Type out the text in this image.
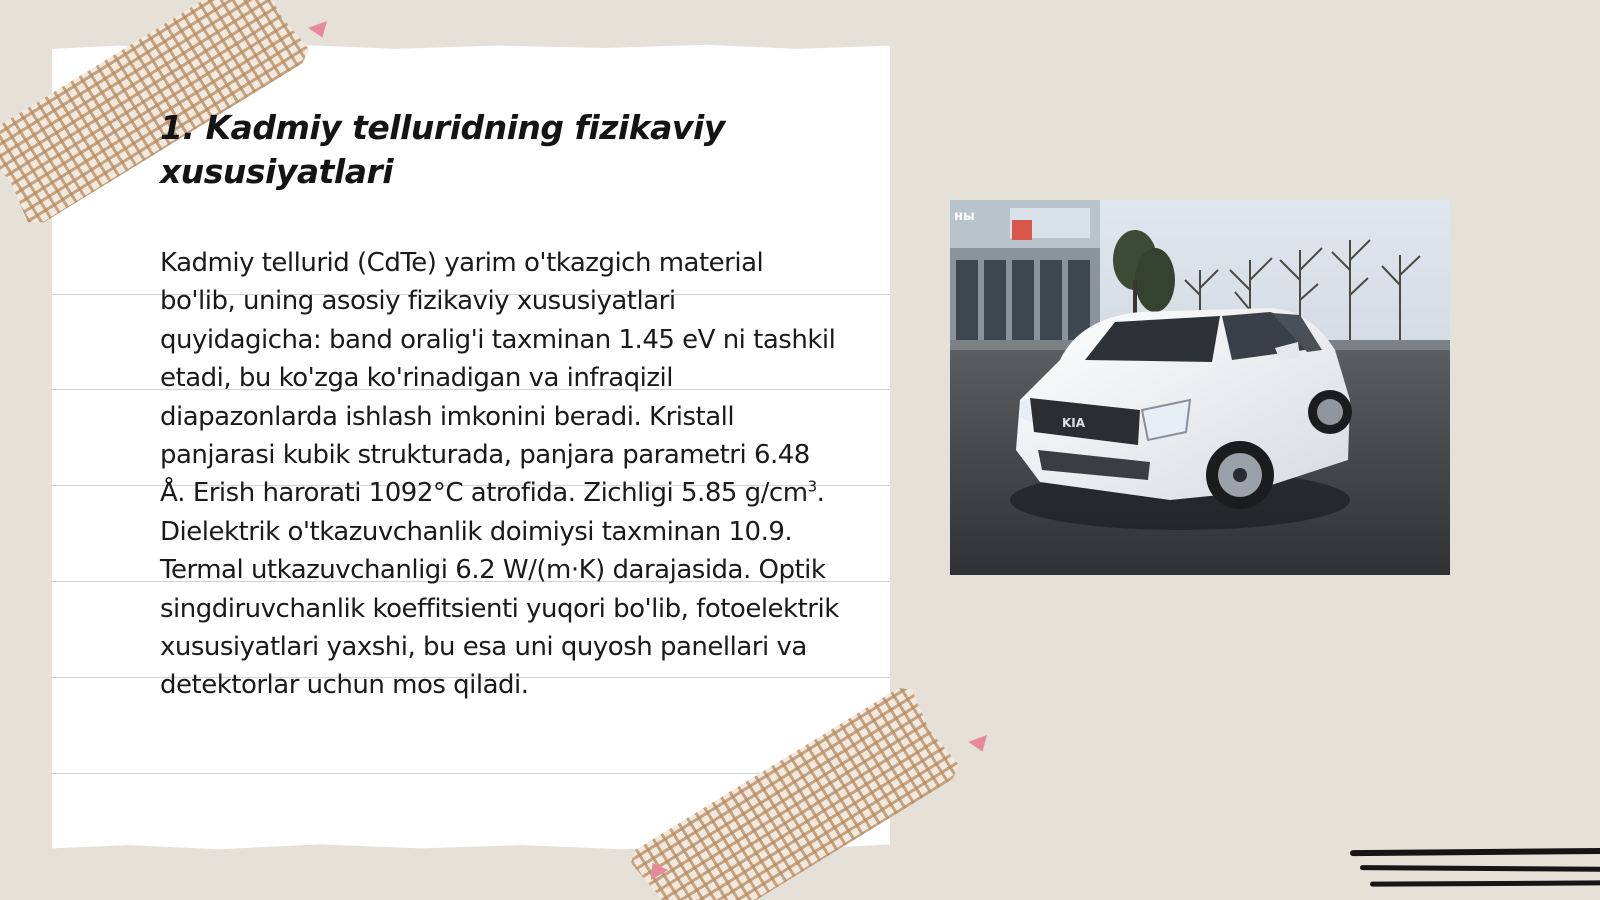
1. Kadmiy telluridning fizikaviy xususiyatlari

Kadmiy tellurid (CdTe) yarim o'tkazgich material bo'lib, uning asosiy fizikaviy xususiyatlari quyidagicha: band oralig'i taxminan 1.45 eV ni tashkil etadi, bu ko'zga ko'rinadigan va infraqizil diapazonlarda ishlash imkonini beradi. Kristall panjarasi kubik strukturada, panjara parametri 6.48 Å. Erish harorati 1092°C atrofida. Zichligi 5.85 $g/cm^3$. Dielektrik o'tkazuvchanlik doimiysi taxminan 10.9. Termal utkazuvchanligi 6.2 W/(m·K) darajasida. Optik singdiruvchanlik koeffitsienti yuqori bo'lib, fotoelektrik xususiyatlari yaxshi, bu esa uni quyosh panellari va detektorlar uchun mos qiladi.

ны
KIA
